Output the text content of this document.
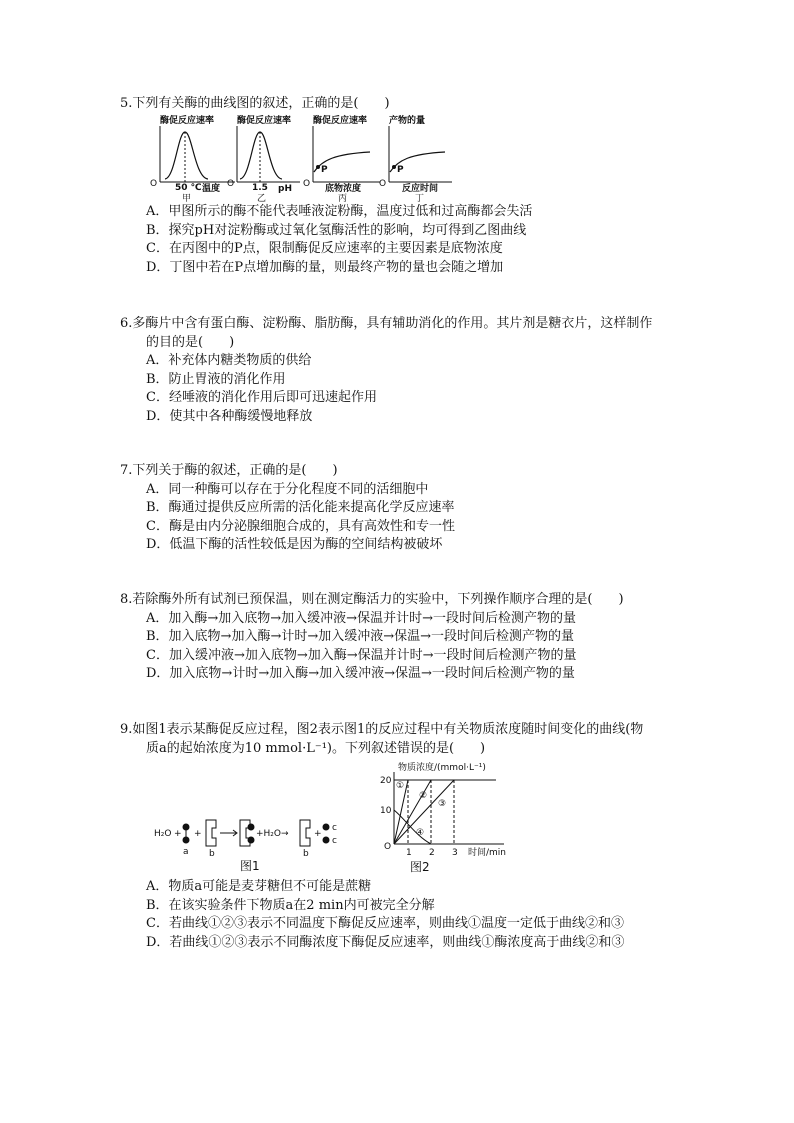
5.下列有关酶的曲线图的叙述，正确的是(　　)

酶促反应速率
O 50 ℃ 温度
甲
酶促反应速率
O 1.5 pH
乙
酶促反应速率
P
O 底物浓度
丙
产物的量
P
O 反应时间
丁

A．甲图所示的酶不能代表唾液淀粉酶，温度过低和过高酶都会失活

B．探究pH对淀粉酶或过氧化氢酶活性的影响，均可得到乙图曲线

C．在丙图中的P点，限制酶促反应速率的主要因素是底物浓度

D．丁图中若在P点增加酶的量，则最终产物的量也会随之增加

6.多酶片中含有蛋白酶、淀粉酶、脂肪酶，具有辅助消化的作用。其片剂是糖衣片，这样制作

的目的是(　　)

A．补充体内糖类物质的供给

B．防止胃液的消化作用

C．经唾液的消化作用后即可迅速起作用

D．使其中各种酶缓慢地释放

7.下列关于酶的叙述，正确的是(　　)

A．同一种酶可以存在于分化程度不同的活细胞中

B．酶通过提供反应所需的活化能来提高化学反应速率

C．酶是由内分泌腺细胞合成的，具有高效性和专一性

D．低温下酶的活性较低是因为酶的空间结构被破坏

8.若除酶外所有试剂已预保温，则在测定酶活力的实验中，下列操作顺序合理的是(　　)

A．加入酶→加入底物→加入缓冲液→保温并计时→一段时间后检测产物的量

B．加入底物→加入酶→计时→加入缓冲液→保温→一段时间后检测产物的量

C．加入缓冲液→加入底物→加入酶→保温并计时→一段时间后检测产物的量

D．加入底物→计时→加入酶→加入缓冲液→保温→一段时间后检测产物的量

9.如图1表示某酶促反应过程，图2表示图1的反应过程中有关物质浓度随时间变化的曲线(物

质a的起始浓度为10 mmol·L⁻¹)。下列叙述错误的是(　　)

H₂O +
a
+
b
+H₂O→
b
+
c
c
图1
物质浓度/(mmol·L⁻¹)
20
10
O
①
②
③
④
1 2 3 时间/min
图2

A．物质a可能是麦芽糖但不可能是蔗糖

B．在该实验条件下物质a在2 min内可被完全分解

C．若曲线①②③表示不同温度下酶促反应速率，则曲线①温度一定低于曲线②和③

D．若曲线①②③表示不同酶浓度下酶促反应速率，则曲线①酶浓度高于曲线②和③
